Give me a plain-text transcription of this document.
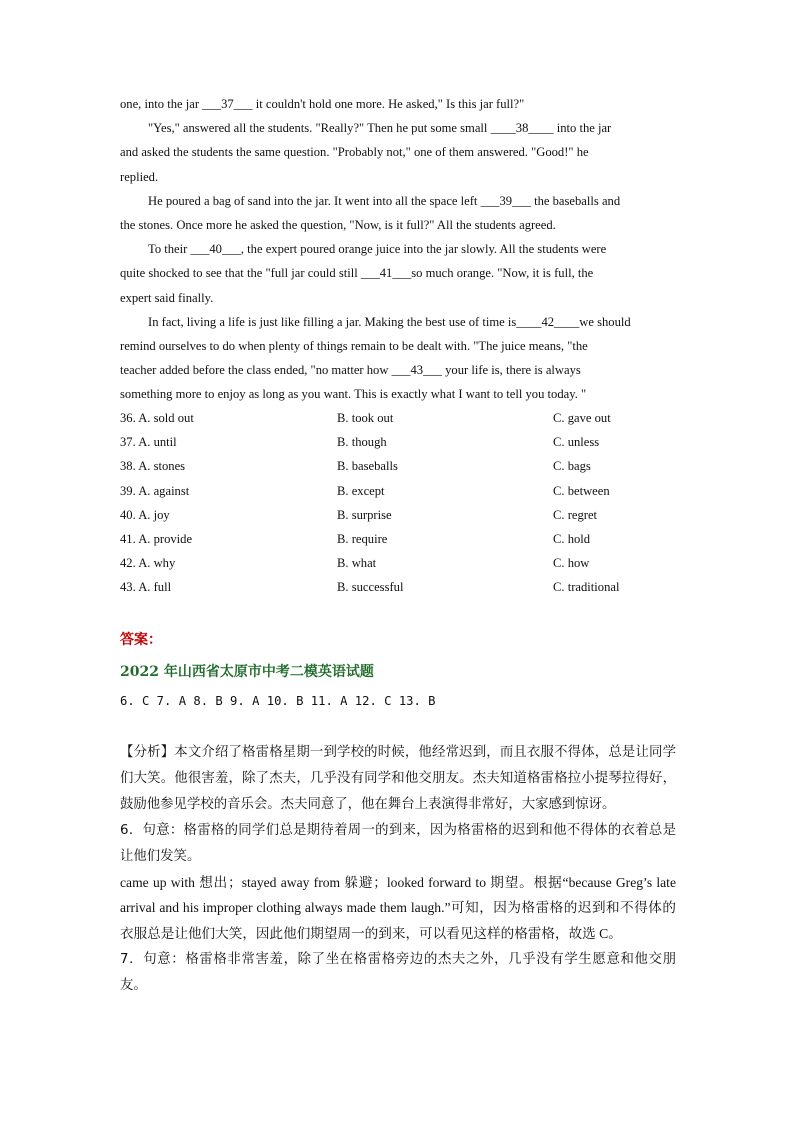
one, into the jar ___37___ it couldn't hold one more. He asked," Is this jar full?"
"Yes," answered all the students. "Really?" Then he put some small ____38____ into the jar
and asked the students the same question. "Probably not," one of them answered. "Good!" he
replied.
He poured a bag of sand into the jar. It went into all the space left ___39___ the baseballs and
the stones. Once more he asked the question, "Now, is it full?" All the students agreed.
To their ___40___, the expert poured orange juice into the jar slowly. All the students were
quite shocked to see that the "full jar could still ___41___so much orange. "Now, it is full, the
expert said finally.
In fact, living a life is just like filling a jar. Making the best use of time is____42____we should
remind ourselves to do when plenty of things remain to be dealt with. "The juice means, "the
teacher added before the class ended, "no matter how ___43___ your life is, there is always
something more to enjoy as long as you want. This is exactly what I want to tell you today. "
36. A. sold out	B. took out	C. gave out
37. A. until	B. though	C. unless
38. A. stones	B. baseballs	C. bags
39. A. against	B. except	C. between
40. A. joy	B. surprise	C. regret
41. A. provide	B. require	C. hold
42. A. why	B. what	C. how
43. A. full	B. successful	C. traditional
答案：
2022 年山西省太原市中考二模英语试题
6. C 7. A 8. B 9. A 10. B 11. A 12. C 13. B

【分析】本文介绍了格雷格星期一到学校的时候，他经常迟到，而且衣服不得体，总是让同学们大笑。他很害羞，除了杰夫，几乎没有同学和他交朋友。杰夫知道格雷格拉小提琴拉得好，鼓励他参见学校的音乐会。杰夫同意了，他在舞台上表演得非常好，大家感到惊讶。

6．句意：格雷格的同学们总是期待着周一的到来，因为格雷格的迟到和他不得体的衣着总是让他们发笑。

came up with 想出；stayed away from 躲避；looked forward to 期望。根据“because Greg’s late arrival and his improper clothing always made them laugh.”可知，因为格雷格的迟到和不得体的衣服总是让他们大笑，因此他们期望周一的到来，可以看见这样的格雷格，故选 C。

7．句意：格雷格非常害羞，除了坐在格雷格旁边的杰夫之外，几乎没有学生愿意和他交朋友。
